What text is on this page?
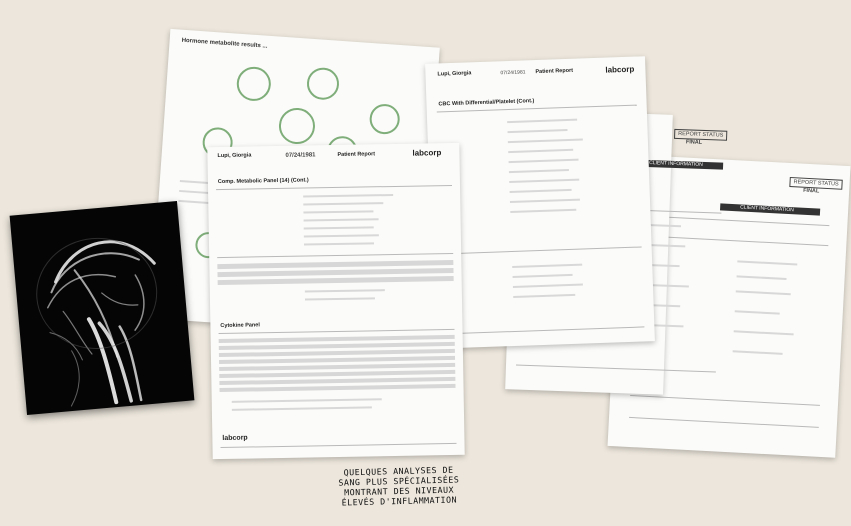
Hormone metabolite results ...
REPORT STATUS
FINAL
CLIENT INFORMATION
REPORT STATUS
FINAL
CLIENT INFORMATION
Lupi, Giorgia	07/24/1981 Patient Report	labcorp
CBC With Differential/Platelet (Cont.)
Lupi, Giorgia	07/24/1981	Patient Report	labcorp
Comp. Metabolic Panel (14) (Cont.)
Cytokine Panel
labcorp
QUELQUES ANALYSES DE
SANG PLUS SPÉCIALISÉES
MONTRANT DES NIVEAUX
ÉLEVÉS D'INFLAMMATION
